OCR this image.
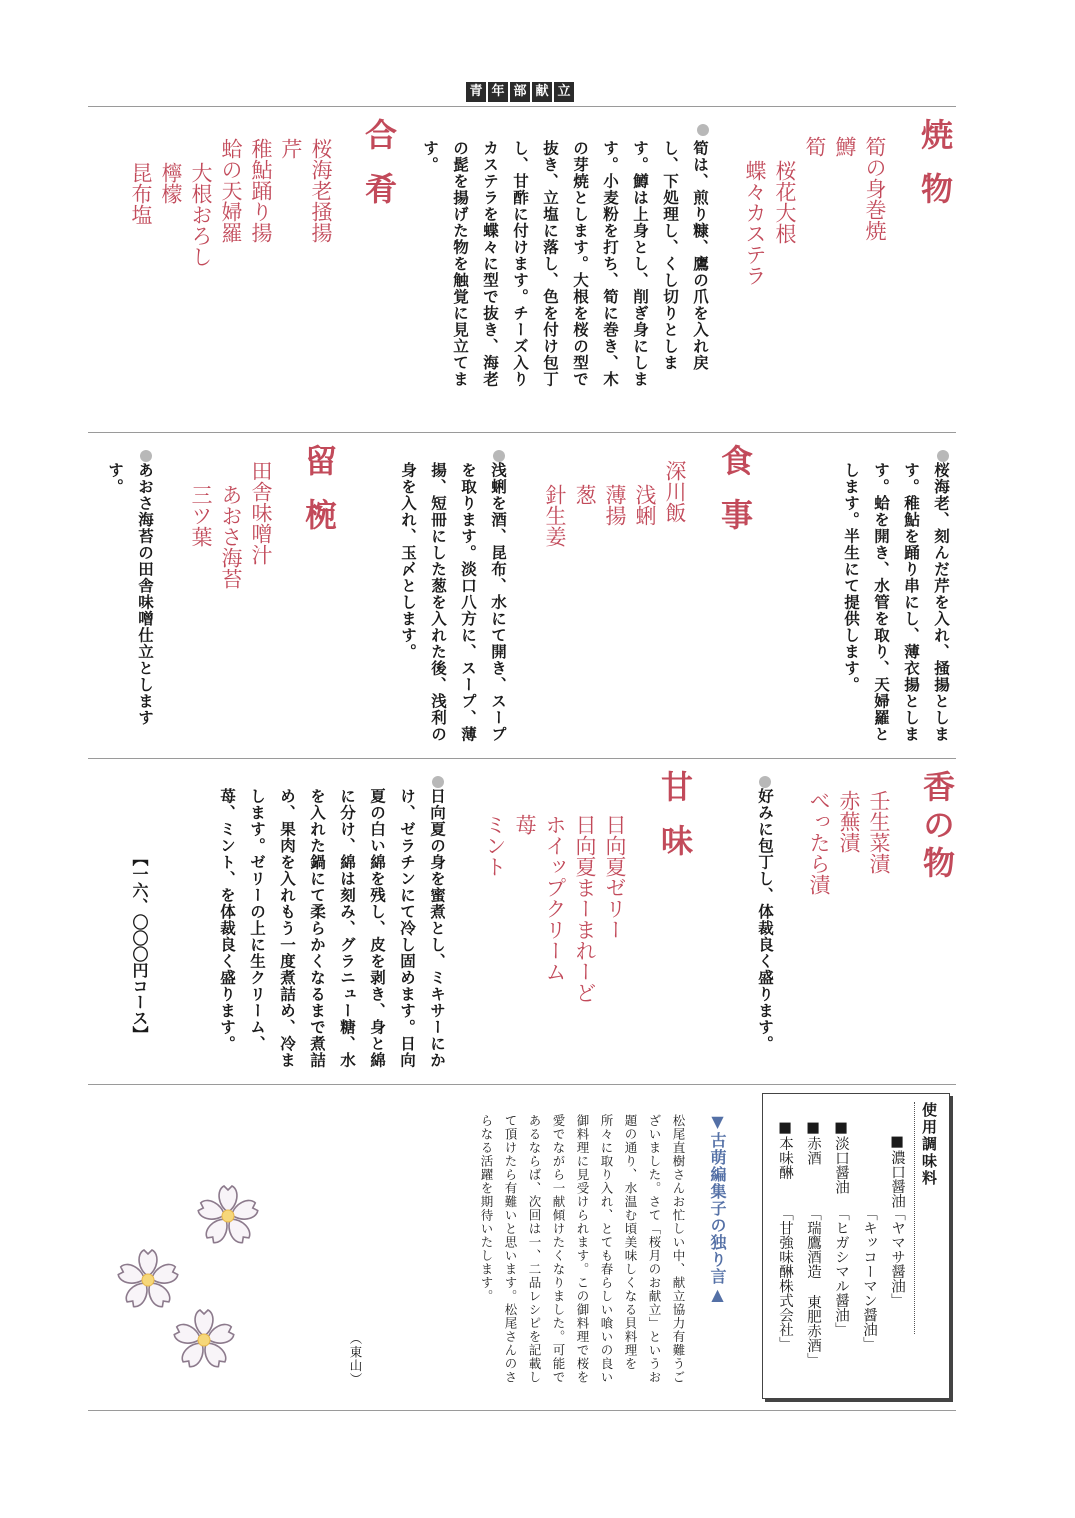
青 年 部 献 立
焼物
筍の身巻焼
鱒
筍
桜花大根
蝶々カステラ
筍は、煎り糠、鷹の爪を入れ戻し、下処理し、くし切りとします。鱒は上身とし、削ぎ身にします。小麦粉を打ち、筍に巻き、木の芽焼とします。大根を桜の型で抜き、立塩に落し、色を付け包丁し、甘酢に付けます。チーズ入りカステラを蝶々に型で抜き、海老の髭を揚げた物を触覚に見立てます。
合肴
桜海老掻揚
芹
稚鮎踊り揚
蛤の天婦羅
大根おろし
檸檬
昆布塩
桜海老、刻んだ芹を入れ、掻揚とします。稚鮎を踊り串にし、薄衣揚とします。蛤を開き、水管を取り、天婦羅とします。半生にて提供します。
食事
深川飯
浅蜊
薄揚
葱
針生姜
浅蜊を酒、昆布、水にて開き、スープを取ります。淡口八方に、スープ、薄揚、短冊にした葱を入れた後、浅利の身を入れ、玉〆とします。
留椀
田舎味噌汁
あおさ海苔
三ツ葉
あおさ海苔の田舎味噌仕立としますす。
香の物
壬生菜漬
赤蕪漬
べったら漬
好みに包丁し、体裁良く盛ります。
甘味
日向夏ゼリー
日向夏まーまれーど
ホイップクリーム
苺
ミント
日向夏の身を蜜煮とし、ミキサーにかけ、ゼラチンにて冷し固めます。日向夏の白い綿を残し、皮を剥き、身と綿に分け、綿は刻み、グラニュー糖、水を入れた鍋にて柔らかくなるまで煮詰め、果肉を入れもう一度煮詰め、冷まします。ゼリーの上に生クリーム、苺、ミント、を体裁良く盛ります。
【一六、〇〇〇円コース】
使用調味料
■濃口醤油
「ヤマサ醤油」
「キッコーマン醤油」
■淡口醤油
「ヒガシマル醤油」
■赤酒
「瑞鷹酒造 東肥赤酒」
■本味醂
「甘強味醂株式会社」
▼古萌編集子の独り言▲
松尾直樹さんお忙しい中、献立協力有難うございました。さて「桜月のお献立」というお題の通り、水温む頃美味しくなる貝料理を所々に取り入れ、とても春らしい喰いの良い御料理に見受けられます。この御料理で桜を愛でながら一献傾けたくなりました。可能であるならば、次回は一、二品レシピを記載して頂けたら有難いと思います。松尾さんのさらなる活躍を期待いたします。
（東山）
